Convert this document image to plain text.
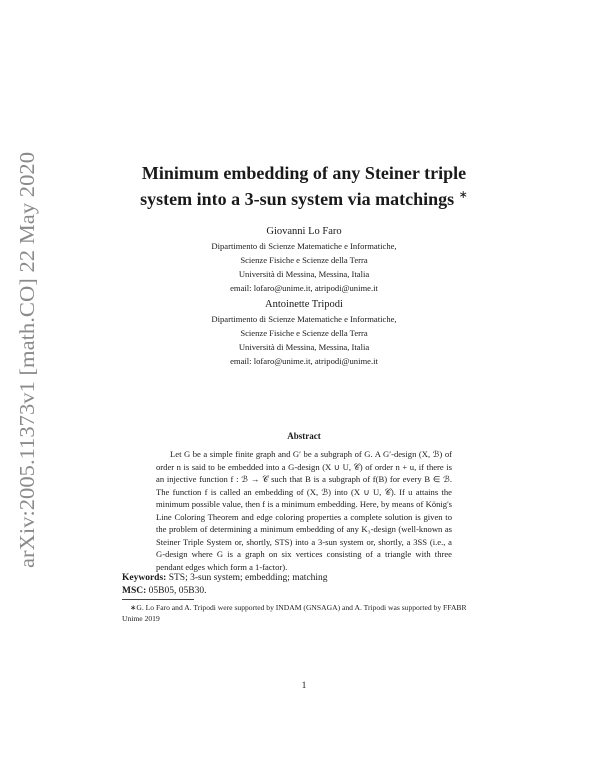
arXiv:2005.11373v1 [math.CO] 22 May 2020
Minimum embedding of any Steiner triple
system into a 3-sun system via matchings ∗
Giovanni Lo Faro
Dipartimento di Scienze Matematiche e Informatiche,
Scienze Fisiche e Scienze della Terra
Università di Messina, Messina, Italia
email: lofaro@unime.it, atripodi@unime.it
Antoinette Tripodi
Dipartimento di Scienze Matematiche e Informatiche,
Scienze Fisiche e Scienze della Terra
Università di Messina, Messina, Italia
email: lofaro@unime.it, atripodi@unime.it
Abstract

Let G be a simple finite graph and G′ be a subgraph of G. A G′-design (X, ℬ) of order n is said to be embedded into a G-design (X ∪ U, 𝒞) of order n + u, if there is an injective function f : ℬ → 𝒞 such that B is a subgraph of f(B) for every B ∈ ℬ. The function f is called an embedding of (X, ℬ) into (X ∪ U, 𝒞). If u attains the minimum possible value, then f is a minimum embedding. Here, by means of König's Line Coloring Theorem and edge coloring properties a complete solution is given to the problem of determining a minimum embedding of any K₃-design (well-known as Steiner Triple System or, shortly, STS) into a 3-sun system or, shortly, a 3SS (i.e., a G-design where G is a graph on six vertices consisting of a triangle with three pendant edges which form a 1-factor).

Keywords: STS; 3-sun system; embedding; matching
MSC: 05B05, 05B30.

∗G. Lo Faro and A. Tripodi were supported by INDAM (GNSAGA) and A. Tripodi was supported by FFABR Unime 2019

1
